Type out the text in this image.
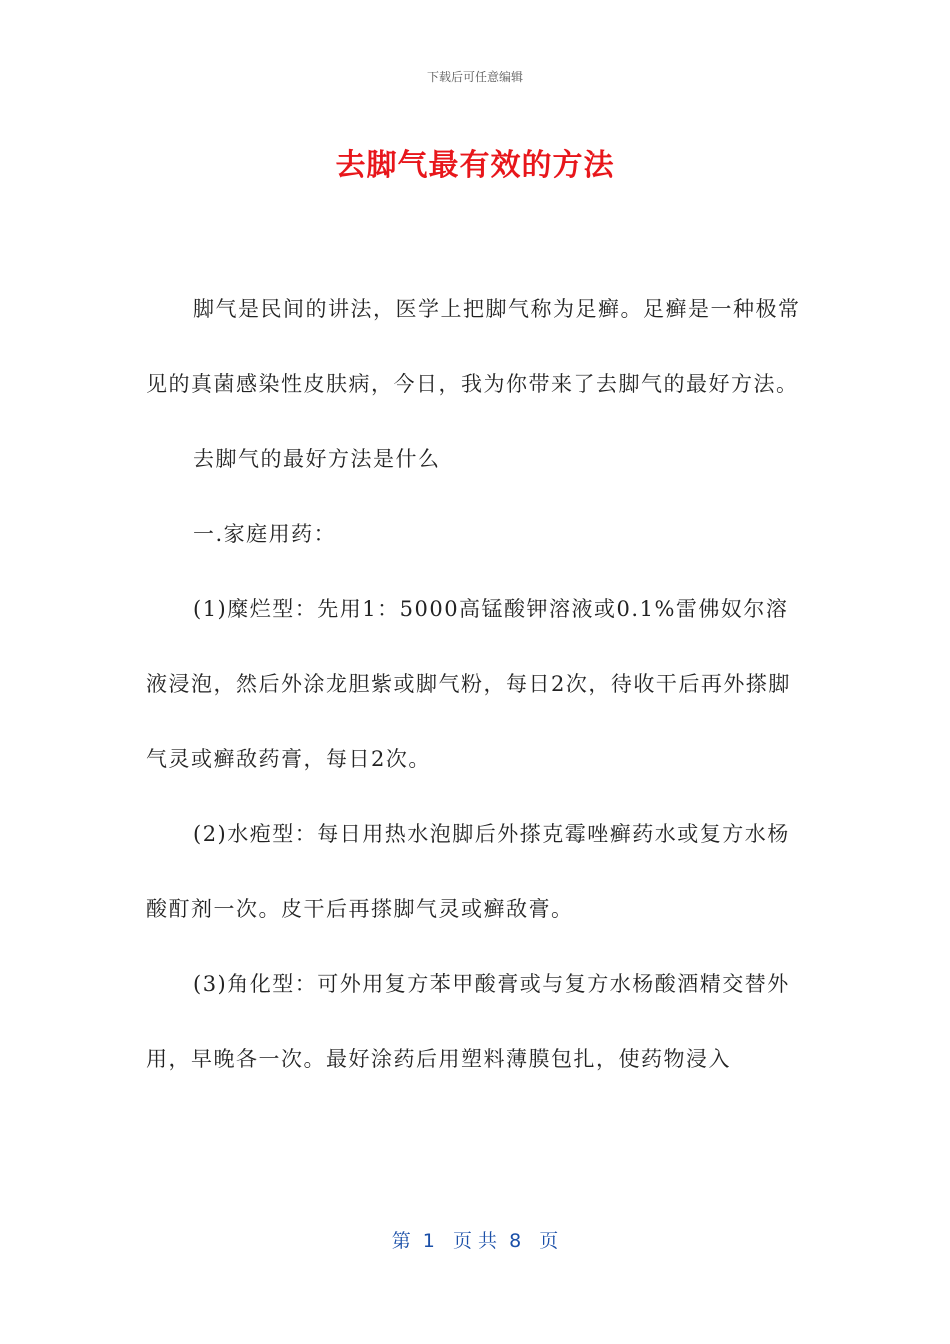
下载后可任意编辑
去脚气最有效的方法

脚气是民间的讲法，医学上把脚气称为足癣。足癣是一种极常见的真菌感染性皮肤病，今日，我为你带来了去脚气的最好方法。

去脚气的最好方法是什么

一.家庭用药：

(1)糜烂型：先用1：5000高锰酸钾溶液或0.1%雷佛奴尔溶液浸泡，然后外涂龙胆紫或脚气粉，每日2次，待收干后再外搽脚气灵或癣敌药膏，每日2次。

(2)水疱型：每日用热水泡脚后外搽克霉唑癣药水或复方水杨酸酊剂一次。皮干后再搽脚气灵或癣敌膏。

(3)角化型：可外用复方苯甲酸膏或与复方水杨酸酒精交替外用，早晚各一次。最好涂药后用塑料薄膜包扎，使药物浸入

第  1   页 共  8   页
